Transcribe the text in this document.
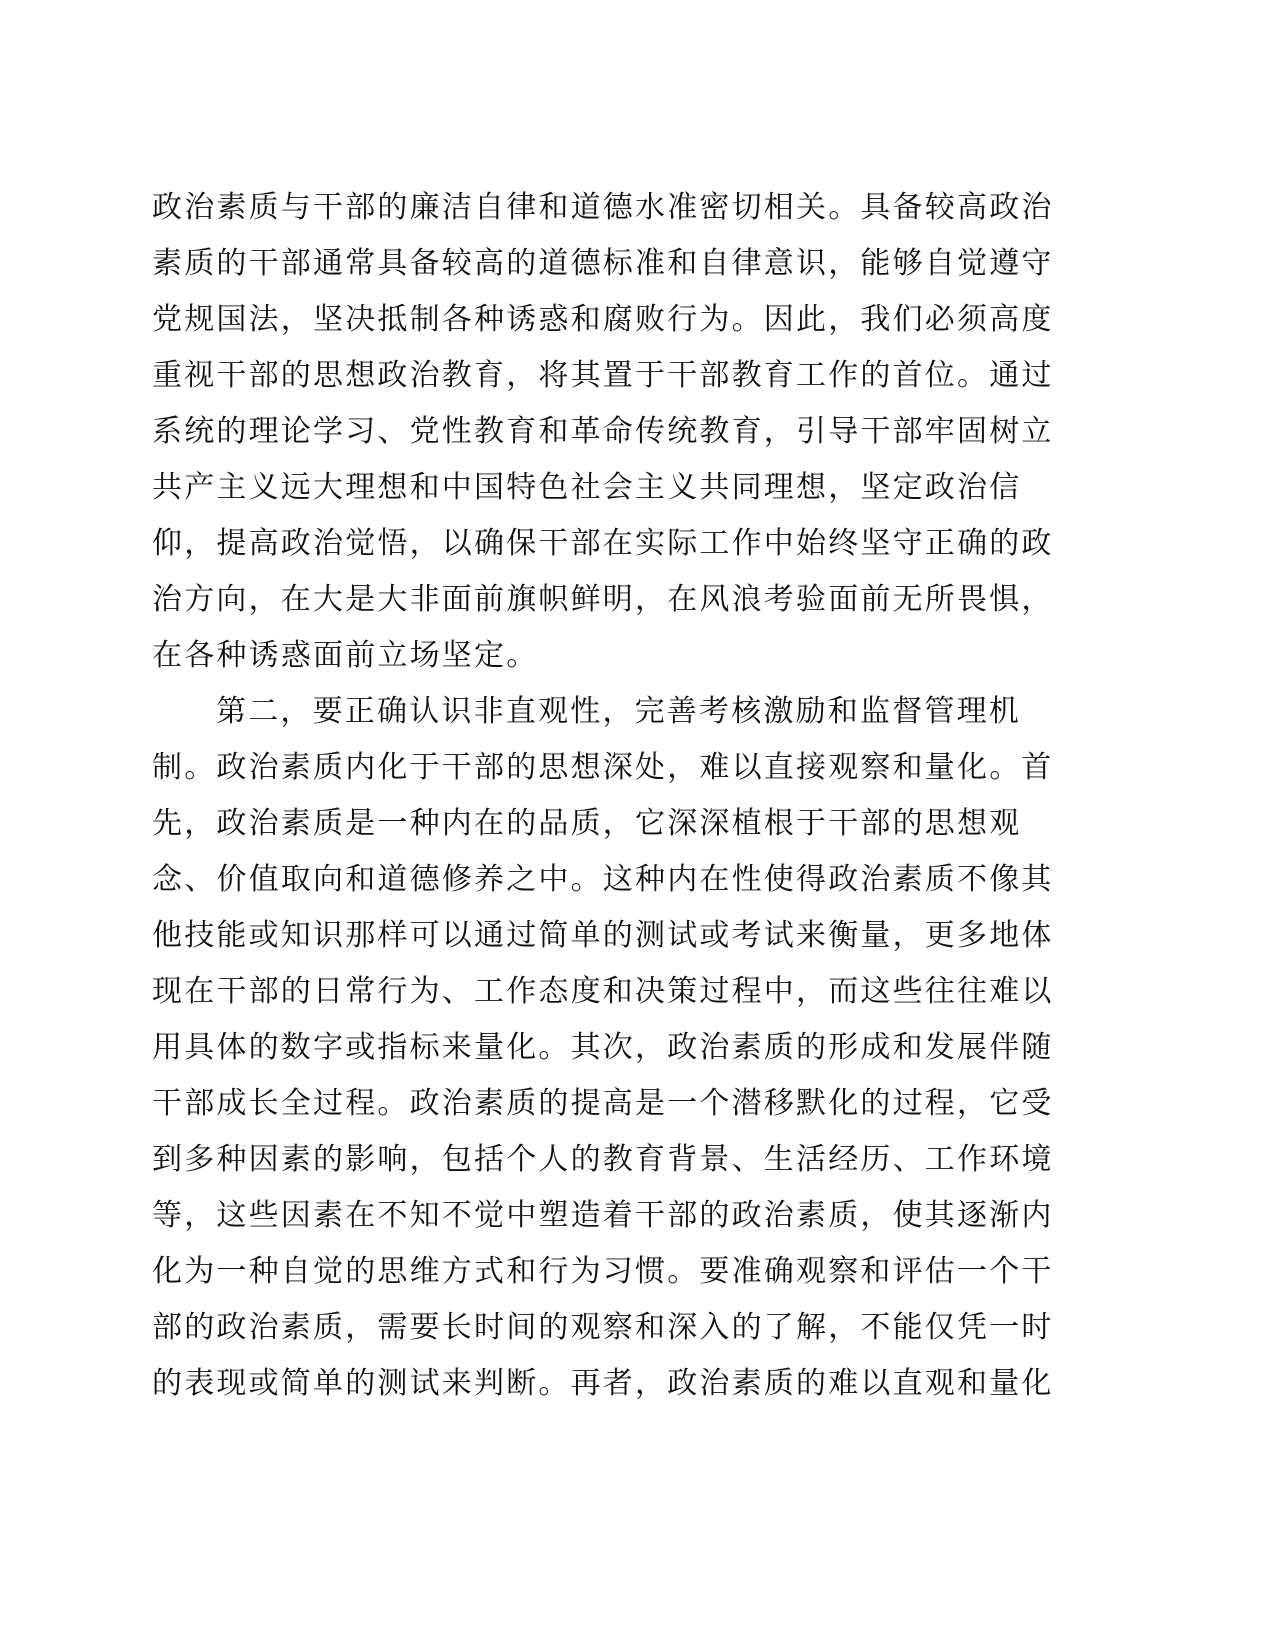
政治素质与干部的廉洁自律和道德水准密切相关。具备较高政治
素质的干部通常具备较高的道德标准和自律意识，能够自觉遵守
党规国法，坚决抵制各种诱惑和腐败行为。因此，我们必须高度
重视干部的思想政治教育，将其置于干部教育工作的首位。通过
系统的理论学习、党性教育和革命传统教育，引导干部牢固树立
共产主义远大理想和中国特色社会主义共同理想，坚定政治信
仰，提高政治觉悟，以确保干部在实际工作中始终坚守正确的政
治方向，在大是大非面前旗帜鲜明，在风浪考验面前无所畏惧，
在各种诱惑面前立场坚定。
第二，要正确认识非直观性，完善考核激励和监督管理机
制。政治素质内化于干部的思想深处，难以直接观察和量化。首
先，政治素质是一种内在的品质，它深深植根于干部的思想观
念、价值取向和道德修养之中。这种内在性使得政治素质不像其
他技能或知识那样可以通过简单的测试或考试来衡量，更多地体
现在干部的日常行为、工作态度和决策过程中，而这些往往难以
用具体的数字或指标来量化。其次，政治素质的形成和发展伴随
干部成长全过程。政治素质的提高是一个潜移默化的过程，它受
到多种因素的影响，包括个人的教育背景、生活经历、工作环境
等，这些因素在不知不觉中塑造着干部的政治素质，使其逐渐内
化为一种自觉的思维方式和行为习惯。要准确观察和评估一个干
部的政治素质，需要长时间的观察和深入的了解，不能仅凭一时
的表现或简单的测试来判断。再者，政治素质的难以直观和量化
